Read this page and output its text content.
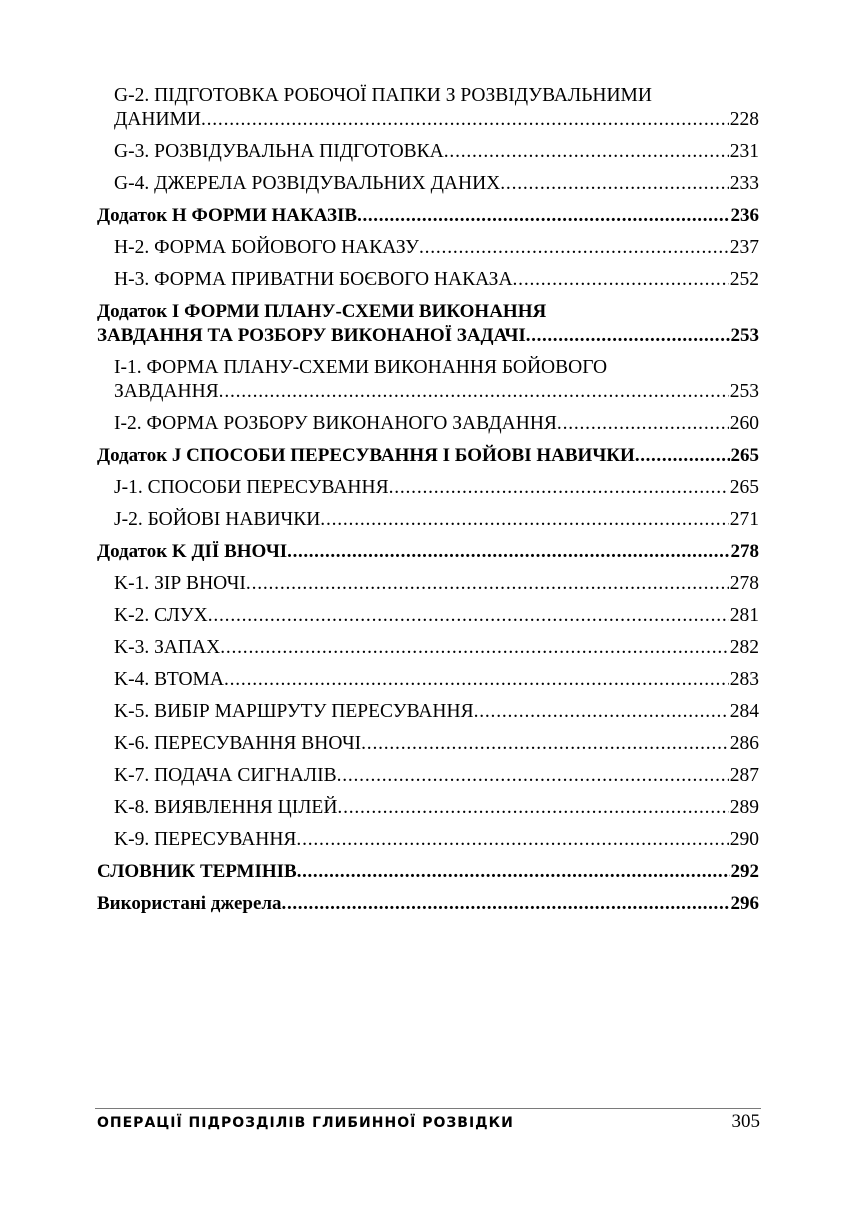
G-2. ПІДГОТОВКА РОБОЧОЇ ПАПКИ З РОЗВІДУВАЛЬНИМИ
ДАНИМИ . . .	228
G-3. РОЗВІДУВАЛЬНА ПІДГОТОВКА . . .	231
G-4. ДЖЕРЕЛА РОЗВІДУВАЛЬНИХ ДАНИХ . . .	233
Додаток H ФОРМИ НАКАЗІВ . . .	236
H-2. ФОРМА БОЙОВОГО НАКАЗУ . . .	237
H-3. ФОРМА ПРИВАТНИ БОЄВОГО НАКАЗА . . .	252
Додаток I ФОРМИ ПЛАНУ-СХЕМИ ВИКОНАННЯ
ЗАВДАННЯ ТА РОЗБОРУ ВИКОНАНОЇ ЗАДАЧІ . . .	253
I-1. ФОРМА ПЛАНУ-СХЕМИ ВИКОНАННЯ БОЙОВОГО
ЗАВДАННЯ . . .	253
I-2. ФОРМА РОЗБОРУ ВИКОНАНОГО ЗАВДАННЯ . . .	260
Додаток J СПОСОБИ ПЕРЕСУВАННЯ І БОЙОВІ НАВИЧКИ . . .	265
J-1. СПОСОБИ ПЕРЕСУВАННЯ . . .	265
J-2. БОЙОВІ НАВИЧКИ . . .	271
Додаток K ДІЇ ВНОЧІ . . .	278
K-1. ЗІР ВНОЧІ . . .	278
K-2. СЛУХ . . .	281
K-3. ЗАПАХ . . .	282
K-4. ВТОМА . . .	283
K-5. ВИБІР МАРШРУТУ ПЕРЕСУВАННЯ . . .	284
K-6. ПЕРЕСУВАННЯ ВНОЧІ . . .	286
K-7. ПОДАЧА СИГНАЛІВ . . .	287
K-8. ВИЯВЛЕННЯ ЦІЛЕЙ . . .	289
K-9. ПЕРЕСУВАННЯ . . .	290
СЛОВНИК ТЕРМІНІВ . . .	292
Використані джерела . . .	296
ОПЕРАЦІЇ ПІДРОЗДІЛІВ ГЛИБИННОЇ РОЗВІДКИ	305
